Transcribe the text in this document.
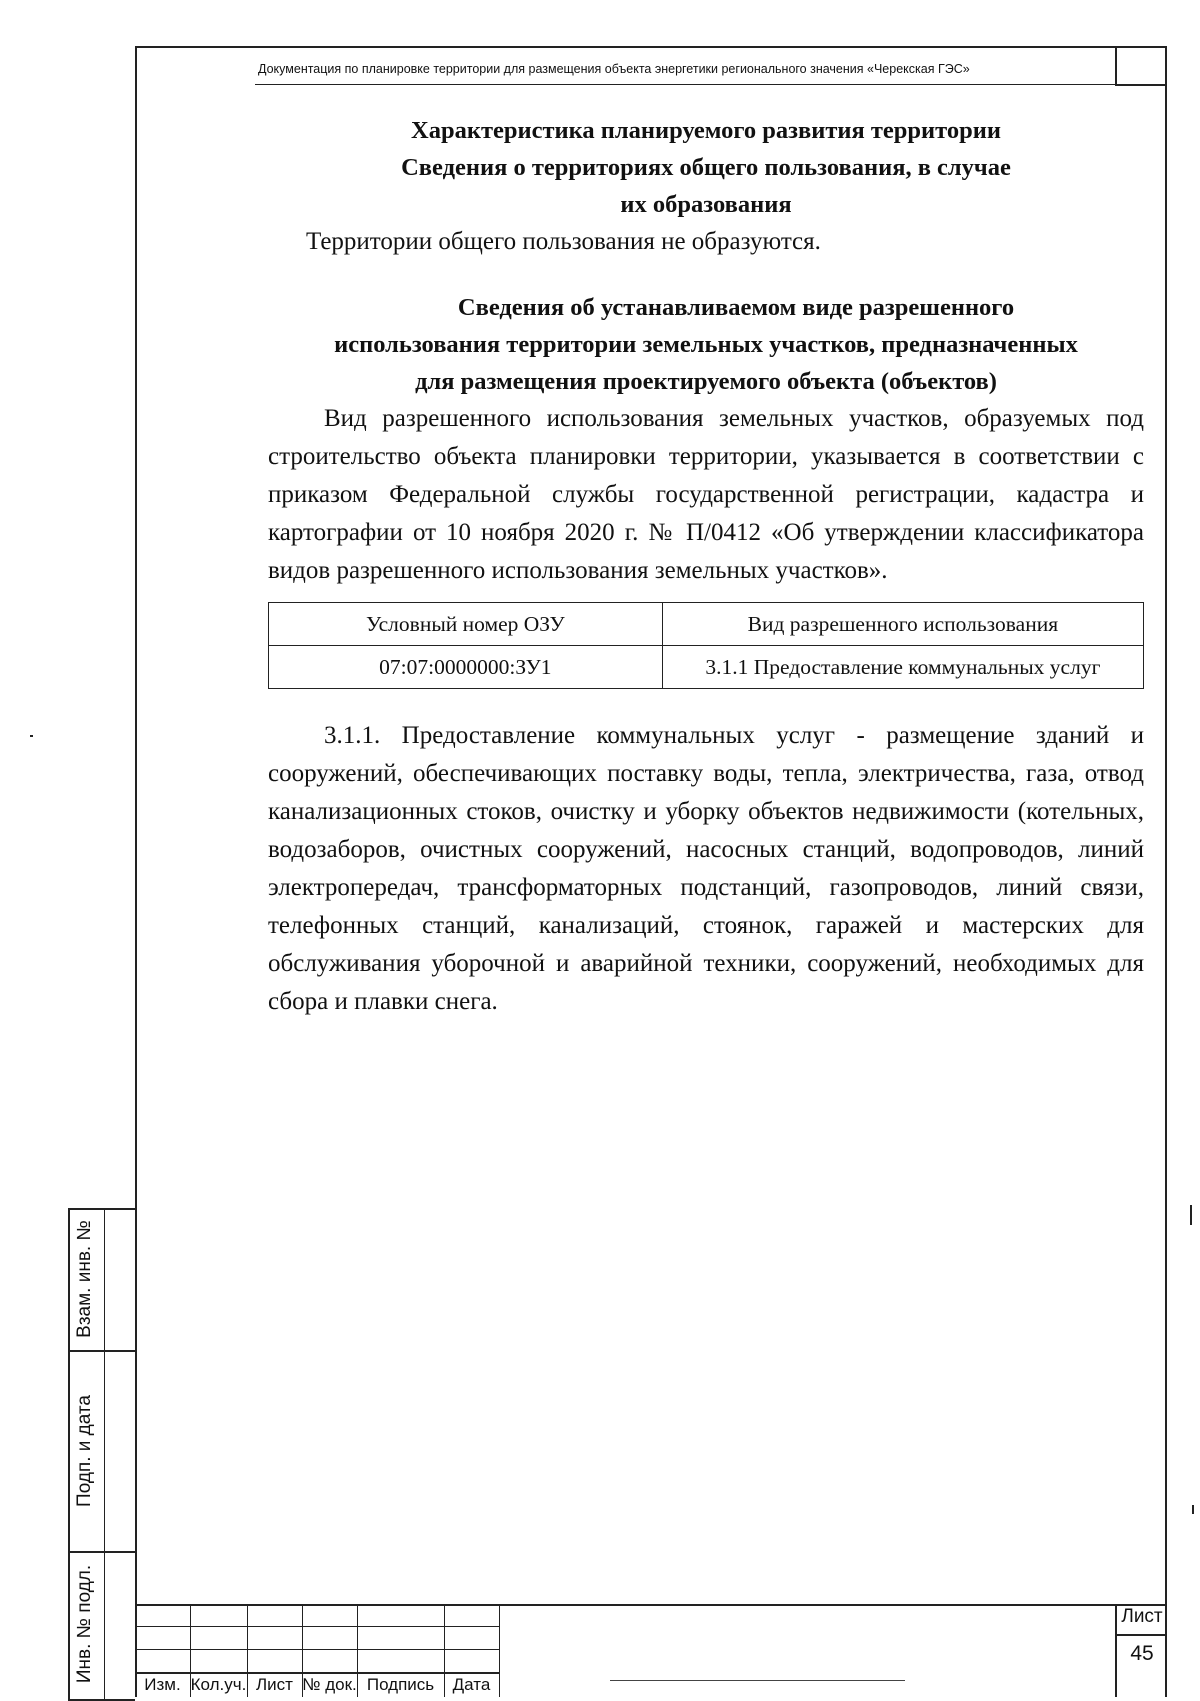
Документация по планировке территории для размещения объекта энергетики регионального значения «Черекская ГЭС»

Характеристика планируемого развития территории

Сведения о территориях общего пользования, в случае

их образования

Территории общего пользования не образуются.

Сведения об устанавливаемом виде разрешенного

использования территории земельных участков, предназначенных

для размещения проектируемого объекта (объектов)

Вид разрешенного использования земельных участков, образуемых под строительство объекта планировки территории, указывается в соответствии с приказом Федеральной службы государственной регистрации, кадастра и картографии от 10 ноября 2020 г. № П/0412 «Об утверждении классификатора видов разрешенного использования земельных участков».

Условный номер ОЗУ	Вид разрешенного использования
07:07:0000000:ЗУ1	3.1.1 Предоставление коммунальных услуг

3.1.1. Предоставление коммунальных услуг - размещение зданий и сооружений, обеспечивающих поставку воды, тепла, электричества, газа, отвод канализационных стоков, очистку и уборку объектов недвижимости (котельных, водозаборов, очистных сооружений, насосных станций, водопроводов, линий электропередач, трансформаторных подстанций, газопроводов, линий связи, телефонных станций, канализаций, стоянок, гаражей и мастерских для обслуживания уборочной и аварийной техники, сооружений, необходимых для сбора и плавки снега.

Взам. инв. №
Подп. и дата
Инв. № подл.
Изм. Кол.уч. Лист № док. Подпись	Дата
Лист
45
